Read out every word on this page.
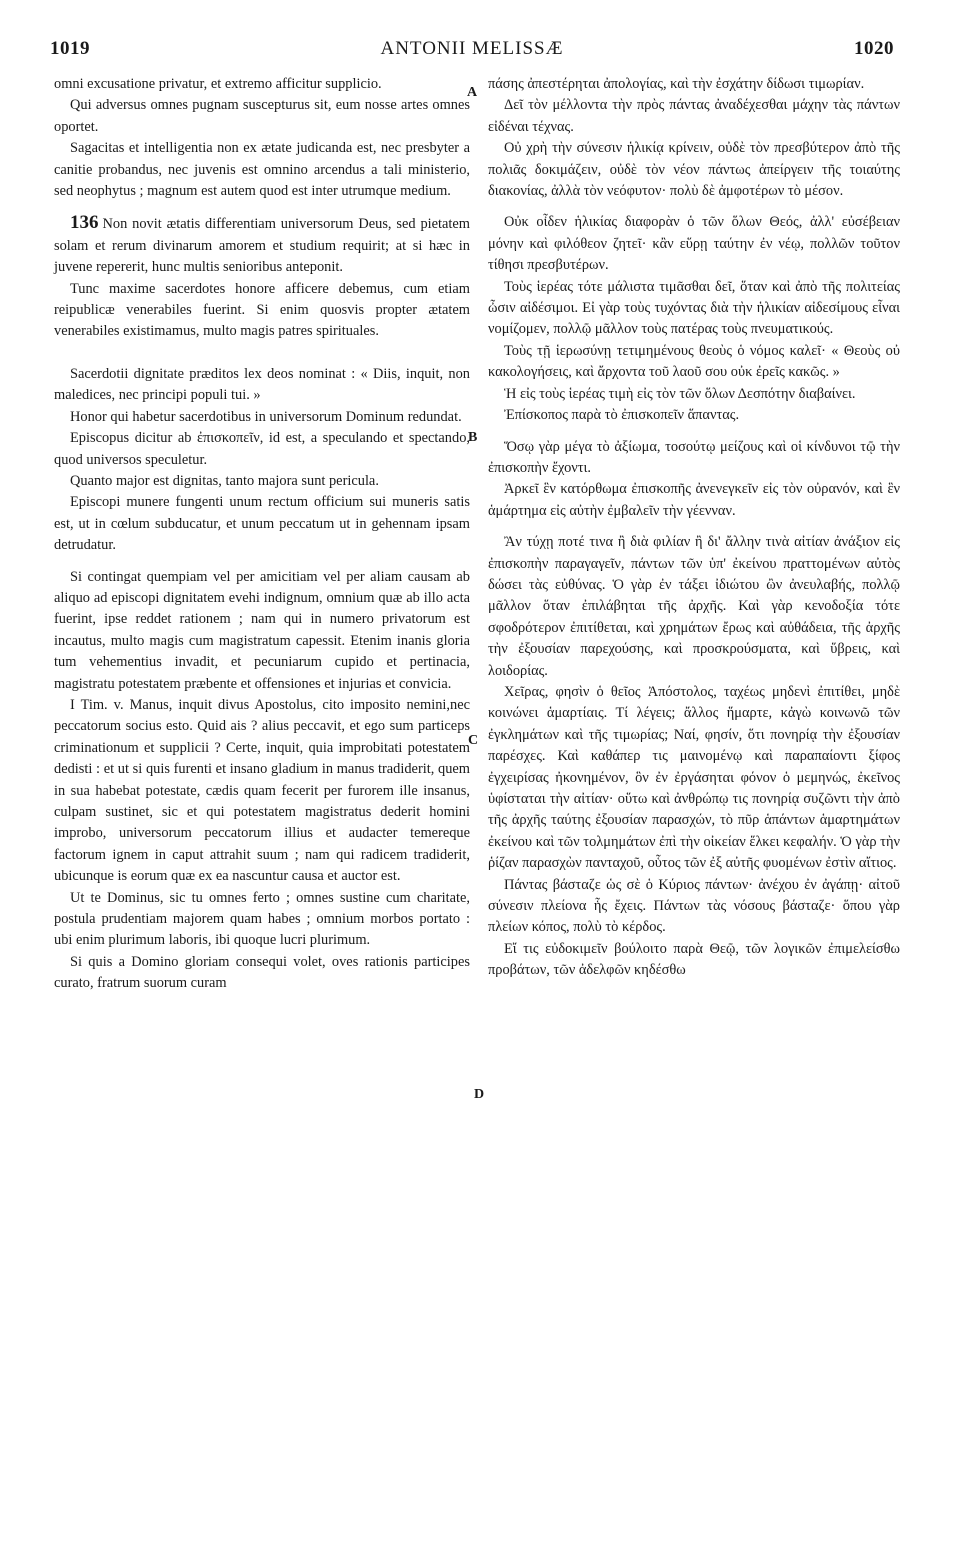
1019	ANTONII MELISSÆ	1020
A
B
C
D

omni excusatione privatur, et extremo afficitur supplicio.

Qui adversus omnes pugnam suscepturus sit, eum nosse artes omnes oportet.

Sagacitas et intelligentia non ex ætate judicanda est, nec presbyter a canitie probandus, nec juvenis est omnino arcendus a tali ministerio, sed neophytus ; magnum est autem quod est inter utrumque medium.

136 Non novit ætatis differentiam universorum Deus, sed pietatem solam et rerum divinarum amorem et studium requirit; at si hæc in juvene repererit, hunc multis senioribus anteponit.

Tunc maxime sacerdotes honore afficere debemus, cum etiam reipublicæ venerabiles fuerint. Si enim quosvis propter ætatem venerabiles existimamus, multo magis patres spirituales.

Sacerdotii dignitate præditos lex deos nominat : « Diis, inquit, non maledices, nec principi populi tui. »

Honor qui habetur sacerdotibus in universorum Dominum redundat.

Episcopus dicitur ab ἐπισκοπεῖν, id est, a speculando et spectando, quod universos speculetur.

Quanto major est dignitas, tanto majora sunt pericula.

Episcopi munere fungenti unum rectum officium sui muneris satis est, ut in cœlum subducatur, et unum peccatum ut in gehennam ipsam detrudatur.

Si contingat quempiam vel per amicitiam vel per aliam causam ab aliquo ad episcopi dignitatem evehi indignum, omnium quæ ab illo acta fuerint, ipse reddet rationem ; nam qui in numero privatorum est incautus, multo magis cum magistratum capessit. Etenim inanis gloria tum vehementius invadit, et pecuniarum cupido et pertinacia, magistratu potestatem præbente et offensiones et injurias et convicia.

I Tim. v. Manus, inquit divus Apostolus, cito imposito nemini,nec peccatorum socius esto. Quid ais ? alius peccavit, et ego sum particeps criminationum et supplicii ? Certe, inquit, quia improbitati potestatem dedisti : et ut si quis furenti et insano gladium in manus tradiderit, quem in sua habebat potestate, cædis quam fecerit per furorem ille insanus, culpam sustinet, sic et qui potestatem magistratus dederit homini improbo, universorum peccatorum illius et audacter temereque factorum ignem in caput attrahit suum ; nam qui radicem tradiderit, ubicunque is eorum quæ ex ea nascuntur causa et auctor est.

Ut te Dominus, sic tu omnes ferto ; omnes sustine cum charitate, postula prudentiam majorem quam habes ; omnium morbos portato : ubi enim plurimum laboris, ibi quoque lucri plurimum.

Si quis a Domino gloriam consequi volet, oves rationis participes curato, fratrum suorum curam

πάσης ἀπεστέρηται ἀπολογίας, καὶ τὴν ἐσχάτην δίδωσι τιμωρίαν.

Δεῖ τὸν μέλλοντα τὴν πρὸς πάντας ἀναδέχεσθαι μάχην τὰς πάντων εἰδέναι τέχνας.

Οὐ χρὴ τὴν σύνεσιν ἡλικίᾳ κρίνειν, οὐδὲ τὸν πρεσβύτερον ἀπὸ τῆς πολιᾶς δοκιμάζειν, οὐδὲ τὸν νέον πάντως ἀπείργειν τῆς τοιαύτης διακονίας, ἀλλὰ τὸν νεόφυτον· πολὺ δὲ ἀμφοτέρων τὸ μέσον.

Οὐκ οἶδεν ἡλικίας διαφορὰν ὁ τῶν ὅλων Θεός, ἀλλ' εὐσέβειαν μόνην καὶ φιλόθεον ζητεῖ· κἂν εὕρῃ ταύτην ἐν νέῳ, πολλῶν τοῦτον τίθησι πρεσβυτέρων.

Τοὺς ἱερέας τότε μάλιστα τιμᾶσθαι δεῖ, ὅταν καὶ ἀπὸ τῆς πολιτείας ὦσιν αἰδέσιμοι. Εἰ γὰρ τοὺς τυχόντας διὰ τὴν ἡλικίαν αἰδεσίμους εἶναι νομίζομεν, πολλῷ μᾶλλον τοὺς πατέρας τοὺς πνευματικούς.

Τοὺς τῇ ἱερωσύνῃ τετιμημένους θεοὺς ὁ νόμος καλεῖ· « Θεοὺς οὐ κακολογήσεις, καὶ ἄρχοντα τοῦ λαοῦ σου οὐκ ἐρεῖς κακῶς. »

Ἡ εἰς τοὺς ἱερέας τιμὴ εἰς τὸν τῶν ὅλων Δεσπότην διαβαίνει.

Ἐπίσκοπος παρὰ τὸ ἐπισκοπεῖν ἅπαντας.

Ὅσῳ γὰρ μέγα τὸ ἀξίωμα, τοσούτῳ μείζους καὶ οἱ κίνδυνοι τῷ τὴν ἐπισκοπὴν ἔχοντι.

Ἀρκεῖ ἓν κατόρθωμα ἐπισκοπῆς ἀνενεγκεῖν εἰς τὸν οὐρανόν, καὶ ἓν ἁμάρτημα εἰς αὐτὴν ἐμβαλεῖν τὴν γέενναν.

Ἂν τύχῃ ποτέ τινα ἢ διὰ φιλίαν ἢ δι' ἄλλην τινὰ αἰτίαν ἀνάξιον εἰς ἐπισκοπὴν παραγαγεῖν, πάντων τῶν ὑπ' ἐκείνου πραττομένων αὐτὸς δώσει τὰς εὐθύνας. Ὁ γὰρ ἐν τάξει ἰδιώτου ὢν ἀνευλαβής, πολλῷ μᾶλλον ὅταν ἐπιλάβηται τῆς ἀρχῆς. Καὶ γὰρ κενοδοξία τότε σφοδρότερον ἐπιτίθεται, καὶ χρημάτων ἔρως καὶ αὐθάδεια, τῆς ἀρχῆς τὴν ἐξουσίαν παρεχούσης, καὶ προσκρούσματα, καὶ ὕβρεις, καὶ λοιδορίας.

Χεῖρας, φησὶν ὁ θεῖος Ἀπόστολος, ταχέως μηδενὶ ἐπιτίθει, μηδὲ κοινώνει ἁμαρτίαις. Τί λέγεις; ἄλλος ἥμαρτε, κἀγὼ κοινωνῶ τῶν ἐγκλημάτων καὶ τῆς τιμωρίας; Ναί, φησίν, ὅτι πονηρίᾳ τὴν ἐξουσίαν παρέσχες. Καὶ καθάπερ τις μαινομένῳ καὶ παραπαίοντι ξίφος ἐγχειρίσας ἠκονημένον, ὃν ἐν ἐργάσηται φόνον ὁ μεμηνώς, ἐκεῖνος ὑφίσταται τὴν αἰτίαν· οὕτω καὶ ἀνθρώπῳ τις πονηρίᾳ συζῶντι τὴν ἀπὸ τῆς ἀρχῆς ταύτης ἐξουσίαν παρασχών, τὸ πῦρ ἁπάντων ἁμαρτημάτων ἐκείνου καὶ τῶν τολμημάτων ἐπὶ τὴν οἰκείαν ἕλκει κεφαλήν. Ὁ γὰρ τὴν ῥίζαν παρασχὼν πανταχοῦ, οὗτος τῶν ἐξ αὐτῆς φυομένων ἐστὶν αἴτιος.

Πάντας βάσταζε ὡς σὲ ὁ Κύριος πάντων· ἀνέχου ἐν ἀγάπῃ· αἰτοῦ σύνεσιν πλείονα ἧς ἔχεις. Πάντων τὰς νόσους βάσταζε· ὅπου γὰρ πλείων κόπος, πολὺ τὸ κέρδος.

Εἴ τις εὐδοκιμεῖν βούλοιτο παρὰ Θεῷ, τῶν λογικῶν ἐπιμελείσθω προβάτων, τῶν ἀδελφῶν κηδέσθω
